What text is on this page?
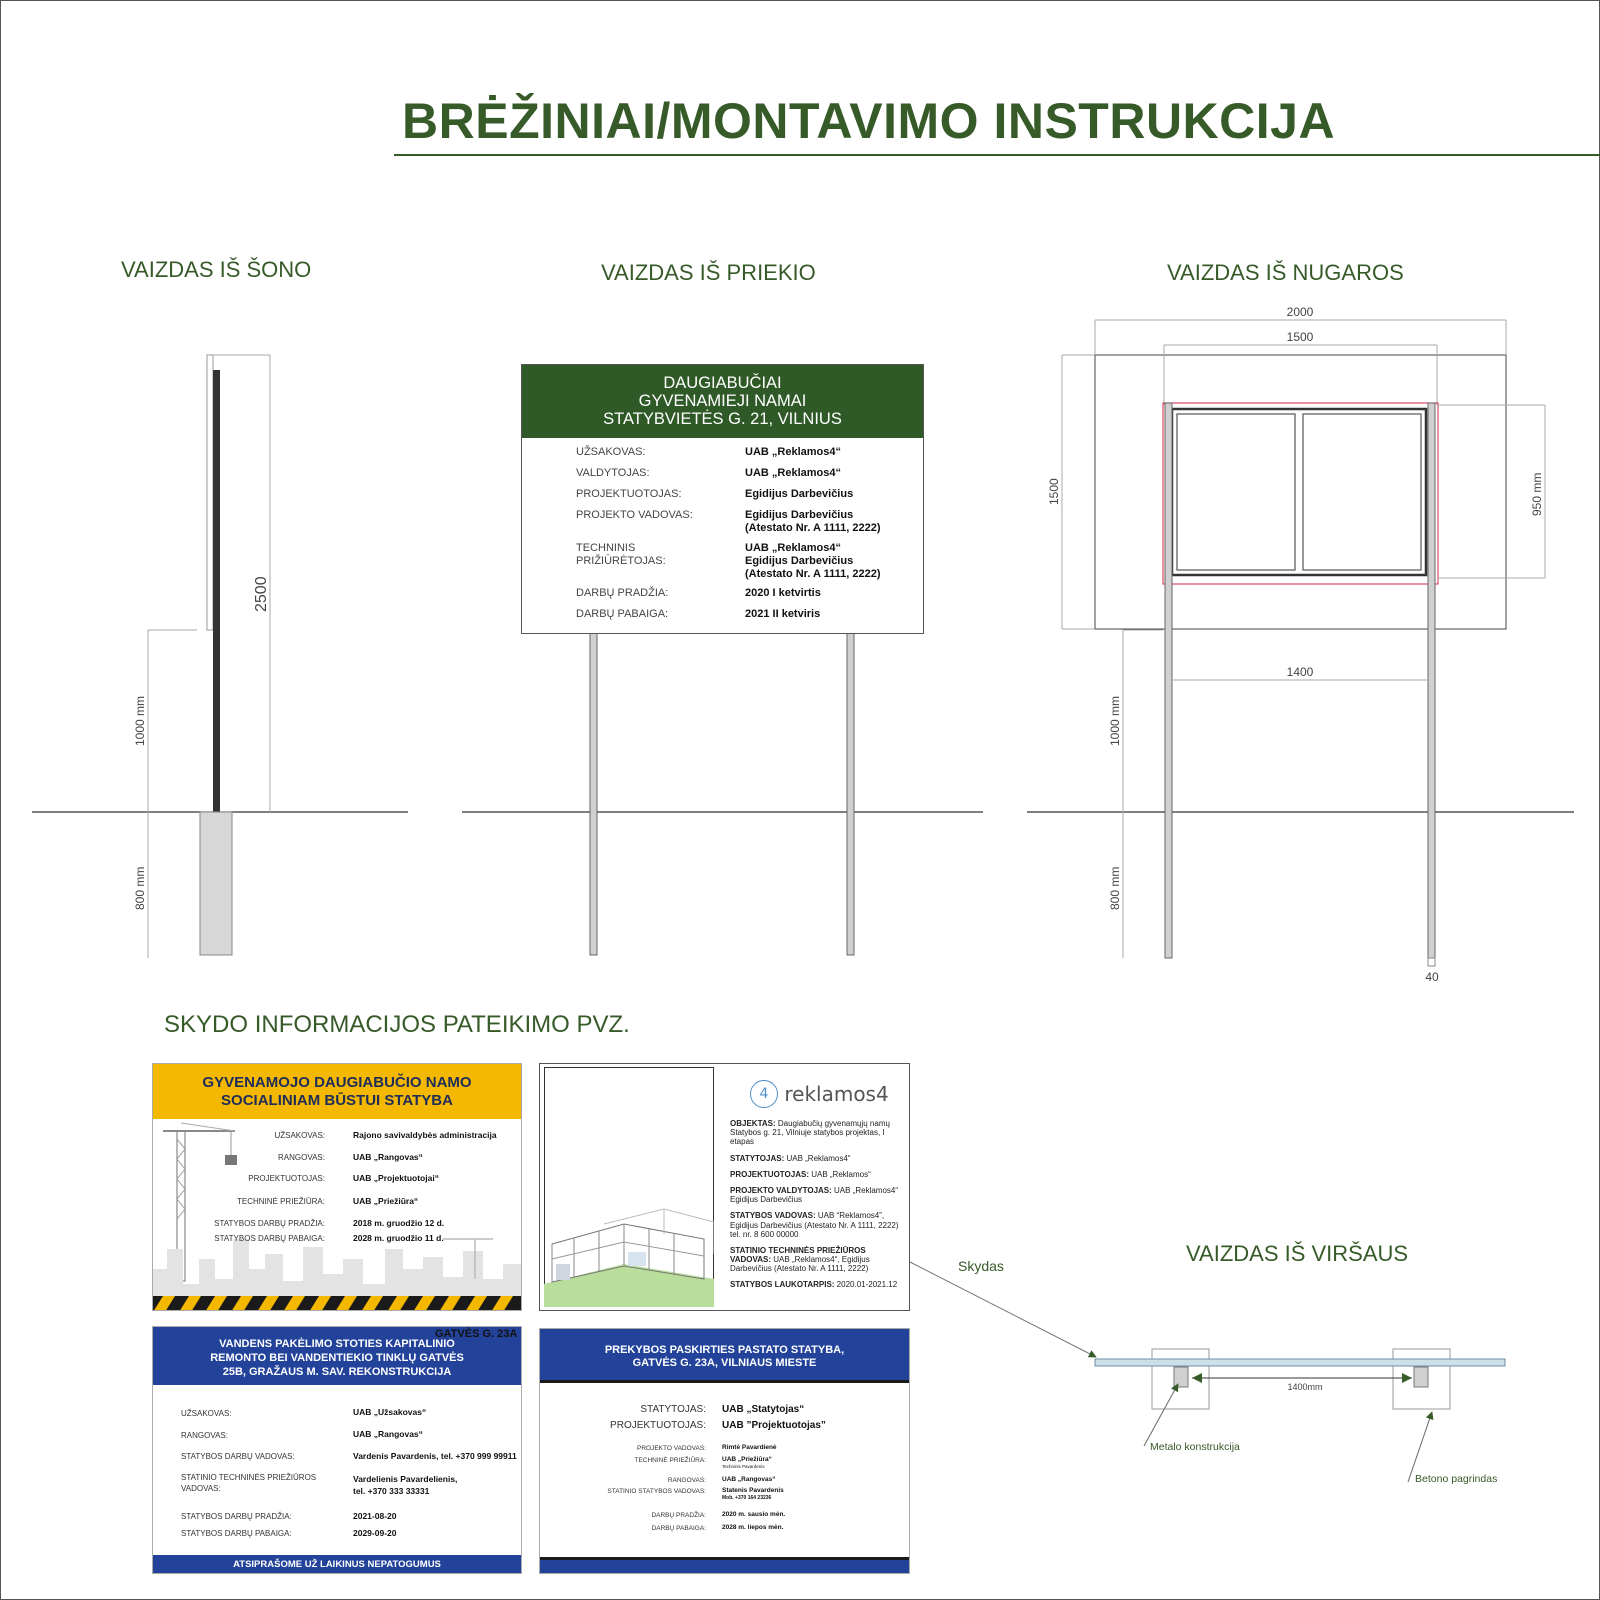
BRĖŽINIAI/MONTAVIMO INSTRUKCIJA
VAIZDAS IŠ ŠONO	VAIZDAS IŠ PRIEKIO	VAIZDAS IŠ NUGAROS
2500
1000 mm
800 mm
2000
1500
1500	950 mm
1400
40
1000 mm
800 mm
DAUGIABUČIAI
GYVENAMIEJI NAMAI
STATYBVIETĖS G. 21, VILNIUS
UŽSAKOVAS:	UAB „Reklamos4“
VALDYTOJAS:	UAB „Reklamos4“
PROJEKTUOTOJAS:	Egidijus Darbevičius
PROJEKTO VADOVAS:	Egidijus Darbevičius
(Atestato Nr. A 1111, 2222)
TECHNINIS
PRIŽIŪRĖTOJAS:
UAB „Reklamos4“
Egidijus Darbevičius
(Atestato Nr. A 1111, 2222)
DARBŲ PRADŽIA:	2020 I ketvirtis
DARBŲ PABAIGA:	2021 II ketviris
SKYDO INFORMACIJOS PATEIKIMO PVZ.
GYVENAMOJO DAUGIABUČIO NAMO
SOCIALINIAM BŪSTUI STATYBA
UŽSAKOVAS:	Rajono savivaldybės administracija
RANGOVAS:	UAB „Rangovas“
PROJEKTUOTOJAS:	UAB „Projektuotojai“
TECHNINĖ PRIEŽIŪRA:	UAB „Priežiūra“
STATYBOS DARBŲ PRADŽIA:	2018 m. gruodžio 12 d.
STATYBOS DARBŲ PABAIGA:	2028 m. gruodžio 11 d.
4 reklamos4

OBJEKTAS: Daugiabučių gyvenamųjų namų Statybos g. 21, Vilniuje statybos projektas, I etapas

STATYTOJAS: UAB „Reklamos4“

PROJEKTUOTOJAS: UAB „Reklamos“

PROJEKTO VALDYTOJAS: UAB „Reklamos4“ Egidijus Darbevičius

STATYBOS VADOVAS: UAB “Reklamos4”, Egidijus Darbevičius (Atestato Nr. A 1111, 2222) tel. nr. 8 600 00000

STATINIO TECHNINĖS PRIEŽIŪROS VADOVAS: UAB „Reklamos4“, Egidijus Darbevičius (Atestato Nr. A 1111, 2222)

STATYBOS LAUKOTARPIS: 2020.01-2021.12

VANDENS PAKĖLIMO STOTIES KAPITALINIO
REMONTO BEI VANDENTIEKIO TINKLŲ GATVĖS
25B, GRAŽAUS M. SAV. REKONSTRUKCIJA
GATVĖS G. 23A
UŽSAKOVAS:	UAB „Užsakovas“
RANGOVAS:	UAB „Rangovas“
STATYBOS DARBŲ VADOVAS:	Vardenis Pavardenis, tel. +370 999 99911
STATINIO TECHNINĖS PRIEŽIŪROS
VADOVAS:
Vardelienis Pavardelienis,
tel. +370 333 33331
STATYBOS DARBŲ PRADŽIA:	2021-08-20
STATYBOS DARBŲ PABAIGA:	2029-09-20
ATSIPRAŠOME UŽ LAIKINUS NEPATOGUMUS
PREKYBOS PASKIRTIES PASTATO STATYBA,
GATVĖS G. 23A, VILNIAUS MIESTE
STATYTOJAS: UAB „Statytojas“
PROJEKTUOTOJAS: UAB ”Projektuotojas”
PROJEKTO VADOVAS: Rimtė Pavardienė
TECHNINĖ PRIEŽIŪRA: UAB „Priežiūra“
Techninis Pavardenis
RANGOVAS: UAB „Rangovas“
STATINIO STATYBOS VADOVAS: Statenis Pavardenis
Mob. +370 164 23236
DARBŲ PRADŽIA: 2020 m. sausio mėn.
DARBŲ PABAIGA: 2028 m. liepos mėn.
VAIZDAS IŠ VIRŠAUS
1400mm
Skydas
Metalo konstrukcija
Betono pagrindas
